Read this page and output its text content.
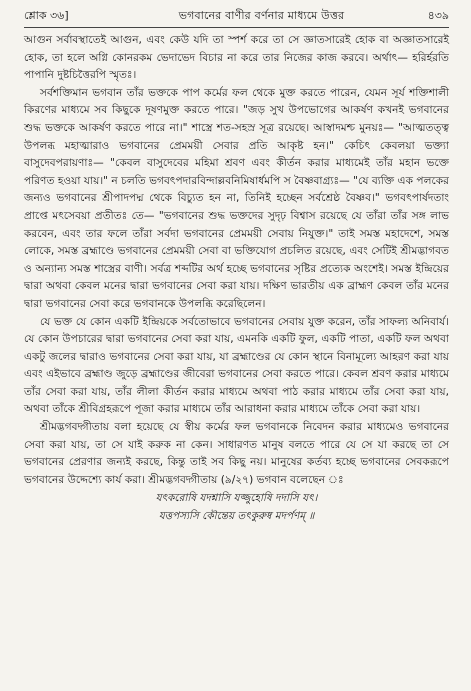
শ্লোক ৩৬]	ভগবানের বাণীর বর্ণনার মাধ্যমে উত্তর	৪৩৯

আগুন সর্বাবস্থাতেই আগুন, এবং কেউ যদি তা স্পর্শ করে তা সে জ্ঞাতসারেই হোক বা অজ্ঞাতসারেই হোক, তা হলে অগ্নি কোনরকম ভেদাভেদ বিচার না করে তার নিজের কাজ করবে। অর্থাৎ— হরির্হরতি পাপানি দুষ্টচিত্তৈরপি স্মৃতঃ।

সর্বশক্তিমান ভগবান তাঁর ভক্তকে পাপ কর্মের ফল থেকে মুক্ত করতে পারেন, যেমন সূর্য শক্তিশালী কিরণের মাধ্যমে সব কিছুকে দূষণমুক্ত করতে পারে। "জড় সুখ উপভোগের আকর্ষণ কখনই ভগবানের শুদ্ধ ভক্তকে আকর্ষণ করতে পারে না।" শাস্ত্রে শত-সহস্র সূত্র রয়েছে। আস্বাদমশ্চ মুনয়ঃ— "আত্মতত্ত্ব উপলব্ধ মহাত্মারাও ভগবানের প্রেমময়ী সেবার প্রতি আকৃষ্ট হন।" কেচিৎ কেবলয়া ভক্ত্যা বাসুদেবপরায়ণাঃ— "কেবল বাসুদেবের মহিমা শ্রবণ এবং কীর্তন করার মাধ্যমেই তাঁর মহান ভক্তে পরিণত হওয়া যায়।" ন চলতি ভগবৎপদারবিন্দাল্লবনিমিষার্ধমপি স বৈষ্ণবাগ্র্যঃ— "যে ব্যক্তি এক পলকের জন্যও ভগবানের শ্রীপাদপদ্ম থেকে বিচ্যুত হন না, তিনিই হচ্ছেন সর্বশ্রেষ্ঠ বৈষ্ণব।" ভগবৎপার্ষদতাং প্রাপ্তে মৎসেবয়া প্রতীতঃ তে— "ভগবানের শুদ্ধ ভক্তদের সুদৃঢ় বিশ্বাস রয়েছে যে তাঁরা তাঁর সঙ্গ লাভ করবেন, এবং তার ফলে তাঁরা সর্বদা ভগবানের প্রেমময়ী সেবায় নিযুক্ত।" তাই সমস্ত মহাদেশে, সমস্ত লোকে, সমস্ত ব্রহ্মাণ্ডে ভগবানের প্রেমময়ী সেবা বা ভক্তিযোগ প্রচলিত রয়েছে, এবং সেটিই শ্রীমদ্ভাগবত ও অন্যান্য সমস্ত শাস্ত্রের বাণী। সর্বত্র শব্দটির অর্থ হচ্ছে ভগবানের সৃষ্টির প্রত্যেক অংশেই। সমস্ত ইন্দ্রিয়ের দ্বারা অথবা কেবল মনের দ্বারা ভগবানের সেবা করা যায়। দক্ষিণ ভারতীয় এক ব্রাহ্মণ কেবল তাঁর মনের দ্বারা ভগবানের সেবা করে ভগবানকে উপলব্ধি করেছিলেন।

যে ভক্ত যে কোন একটি ইন্দ্রিয়কে সর্বতোভাবে ভগবানের সেবায় যুক্ত করেন, তাঁর সাফল্য অনিবার্য। যে কোন উপচারের দ্বারা ভগবানের সেবা করা যায়, এমনকি একটি ফুল, একটি পাতা, একটি ফল অথবা একটু জলের দ্বারাও ভগবানের সেবা করা যায়, যা ব্রহ্মাণ্ডের যে কোন স্থানে বিনামূল্যে আহরণ করা যায় এবং এইভাবে ব্রহ্মাণ্ড জুড়ে ব্রহ্মাণ্ডের জীবেরা ভগবানের সেবা করতে পারে। কেবল শ্রবণ করার মাধ্যমে তাঁর সেবা করা যায়, তাঁর লীলা কীর্তন করার মাধ্যমে অথবা পাঠ করার মাধ্যমে তাঁর সেবা করা যায়, অথবা তাঁকে শ্রীবিগ্রহরূপে পূজা করার মাধ্যমে তাঁর আরাধনা করার মাধ্যমে তাঁকে সেবা করা যায়।

শ্রীমদ্ভগবদ্গীতায় বলা হয়েছে যে স্বীয় কর্মের ফল ভগবানকে নিবেদন করার মাধ্যমেও ভগবানের সেবা করা যায়, তা সে যাই করুক না কেন। সাধারণত মানুষ বলতে পারে যে সে যা করছে তা সে ভগবানের প্রেরণার জন্যই করছে, কিন্তু তাই সব কিছু নয়। মানুষের কর্তব্য হচ্ছে ভগবানের সেবকরূপে ভগবানের উদ্দেশ্যে কার্য করা। শ্রীমদ্ভগবদ্গীতায় (৯/২৭) ভগবান বলেছেন ঃ

যৎকরোষি যদশ্নাসি যজ্জুহোষি দদাসি যৎ।
যত্তপস্যসি কৌন্তেয় তৎকুরুষ্ব মদর্পণম্ ॥
